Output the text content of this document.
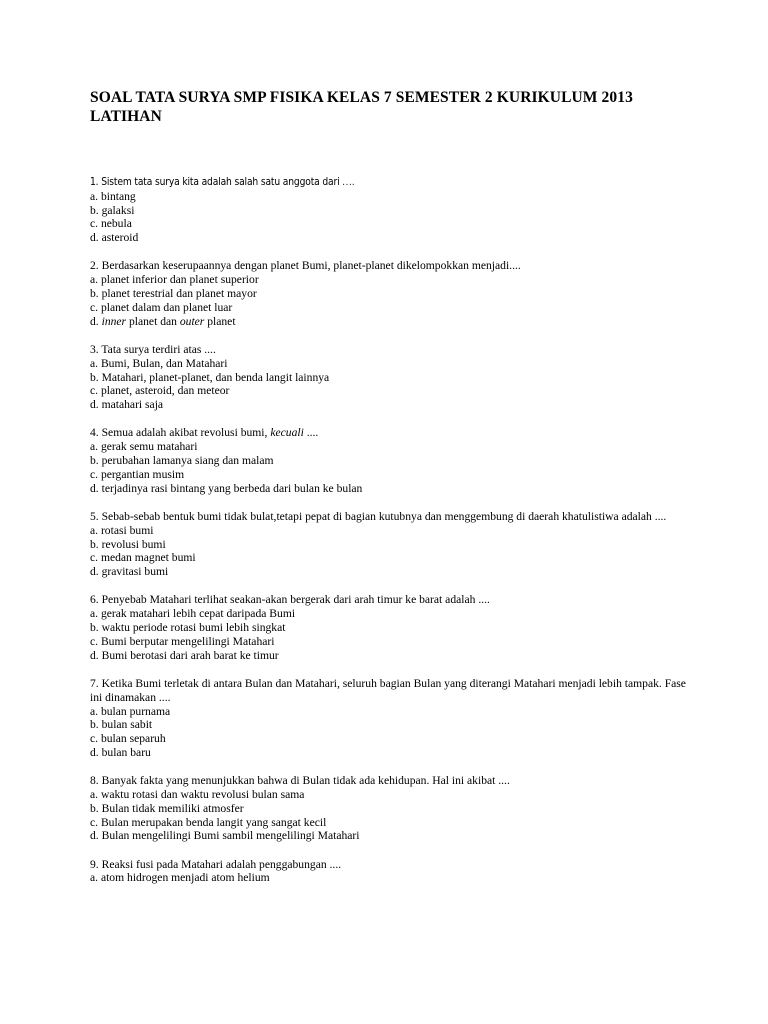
SOAL TATA SURYA SMP FISIKA KELAS 7 SEMESTER 2 KURIKULUM 2013 LATIHAN

1. Sistem tata surya kita adalah salah satu anggota dari ….

a. bintang

b. galaksi

c. nebula

d. asteroid

2. Berdasarkan keserupaannya dengan planet Bumi, planet-planet dikelompokkan menjadi....

a. planet inferior dan planet superior

b. planet terestrial dan planet mayor

c. planet dalam dan planet luar

d. inner planet dan outer planet

3. Tata surya terdiri atas ....

a. Bumi, Bulan, dan Matahari

b. Matahari, planet-planet, dan benda langit lainnya

c. planet, asteroid, dan meteor

d. matahari saja

4. Semua adalah akibat revolusi bumi, kecuali ....

a. gerak semu matahari

b. perubahan lamanya siang dan malam

c. pergantian musim

d. terjadinya rasi bintang yang berbeda dari bulan ke bulan

5. Sebab-sebab bentuk bumi tidak bulat,tetapi pepat di bagian kutubnya dan menggembung di daerah khatulistiwa adalah ....

a. rotasi bumi

b. revolusi bumi

c. medan magnet bumi

d. gravitasi bumi

6. Penyebab Matahari terlihat seakan-akan bergerak dari arah timur ke barat adalah ....

a. gerak matahari lebih cepat daripada Bumi

b. waktu periode rotasi bumi lebih singkat

c. Bumi berputar mengelilingi Matahari

d. Bumi berotasi dari arah barat ke timur

7. Ketika Bumi terletak di antara Bulan dan Matahari, seluruh bagian Bulan yang diterangi Matahari menjadi lebih tampak. Fase ini dinamakan ....

a. bulan purnama

b. bulan sabit

c. bulan separuh

d. bulan baru

8. Banyak fakta yang menunjukkan bahwa di Bulan tidak ada kehidupan. Hal ini akibat ....

a. waktu rotasi dan waktu revolusi bulan sama

b. Bulan tidak memiliki atmosfer

c. Bulan merupakan benda langit yang sangat kecil

d. Bulan mengelilingi Bumi sambil mengelilingi Matahari

9. Reaksi fusi pada Matahari adalah penggabungan ....

a. atom hidrogen menjadi atom helium
